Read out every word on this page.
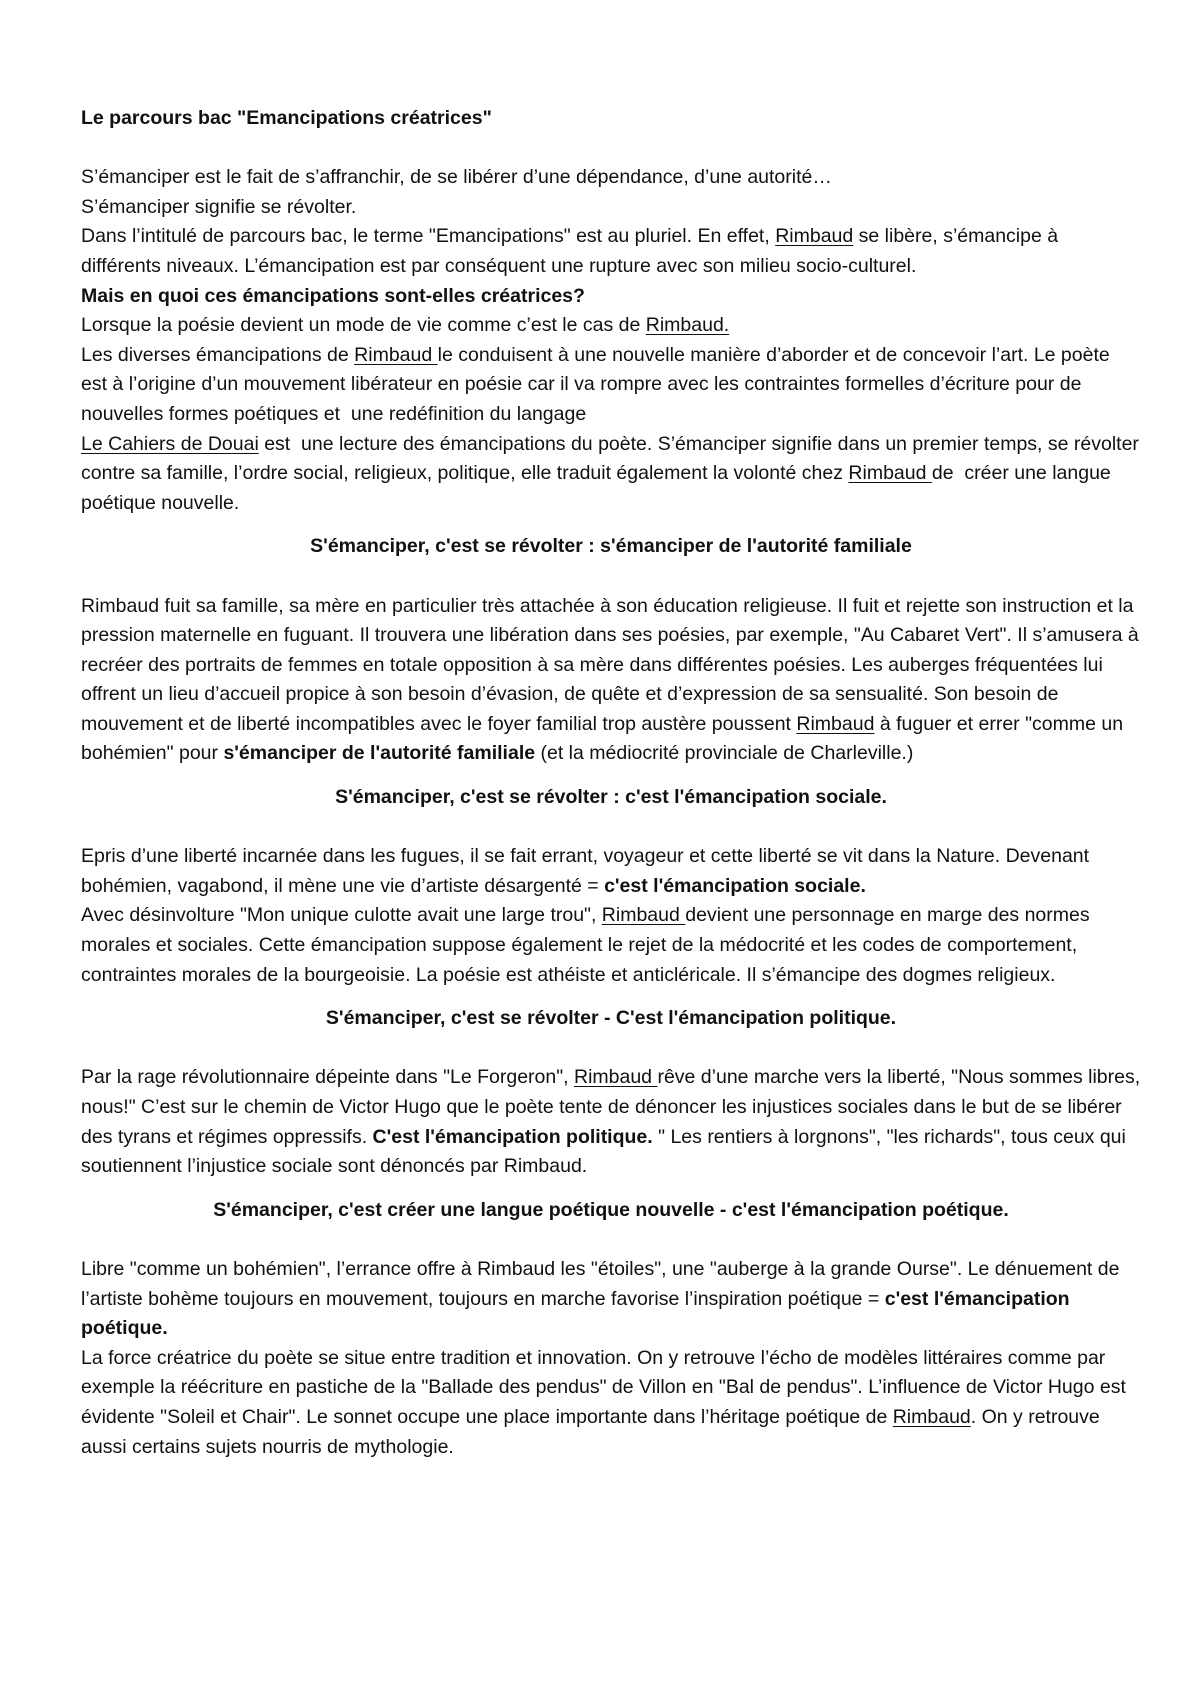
Le parcours bac "Emancipations créatrices"

S’émanciper est le fait de s’affranchir, de se libérer d’une dépendance, d’une autorité…

S’émanciper signifie se révolter.

Dans l’intitulé de parcours bac, le terme "Emancipations" est au pluriel. En effet, Rimbaud se libère, s’émancipe à différents niveaux. L’émancipation est par conséquent une rupture avec son milieu socio-culturel.

Mais en quoi ces émancipations sont-elles créatrices?

Lorsque la poésie devient un mode de vie comme c’est le cas de Rimbaud.

Les diverses émancipations de Rimbaud le conduisent à une nouvelle manière d’aborder et de concevoir l’art. Le poète est à l’origine d’un mouvement libérateur en poésie car il va rompre avec les contraintes formelles d’écriture pour de nouvelles formes poétiques et  une redéfinition du langage

Le Cahiers de Douai est  une lecture des émancipations du poète. S’émanciper signifie dans un premier temps, se révolter contre sa famille, l’ordre social, religieux, politique, elle traduit également la volonté chez Rimbaud de  créer une langue poétique nouvelle.

S'émanciper, c'est se révolter : s'émanciper de l'autorité familiale

Rimbaud fuit sa famille, sa mère en particulier très attachée à son éducation religieuse. Il fuit et rejette son instruction et la pression maternelle en fuguant. Il trouvera une libération dans ses poésies, par exemple, "Au Cabaret Vert". Il s’amusera à recréer des portraits de femmes en totale opposition à sa mère dans différentes poésies. Les auberges fréquentées lui offrent un lieu d’accueil propice à son besoin d’évasion, de quête et d’expression de sa sensualité. Son besoin de mouvement et de liberté incompatibles avec le foyer familial trop austère poussent Rimbaud à fuguer et errer "comme un bohémien" pour s'émanciper de l'autorité familiale (et la médiocrité provinciale de Charleville.)

S'émanciper, c'est se révolter : c'est l'émancipation sociale.

Epris d’une liberté incarnée dans les fugues, il se fait errant, voyageur et cette liberté se vit dans la Nature. Devenant bohémien, vagabond, il mène une vie d’artiste désargenté = c'est l'émancipation sociale.

Avec désinvolture "Mon unique culotte avait une large trou", Rimbaud devient une personnage en marge des normes morales et sociales. Cette émancipation suppose également le rejet de la médocrité et les codes de comportement, contraintes morales de la bourgeoisie. La poésie est athéiste et anticléricale. Il s’émancipe des dogmes religieux.

S'émanciper, c'est se révolter - C'est l'émancipation politique.

Par la rage révolutionnaire dépeinte dans "Le Forgeron", Rimbaud rêve d’une marche vers la liberté, "Nous sommes libres, nous!" C’est sur le chemin de Victor Hugo que le poète tente de dénoncer les injustices sociales dans le but de se libérer des tyrans et régimes oppressifs. C'est l'émancipation politique. " Les rentiers à lorgnons", "les richards", tous ceux qui soutiennent l’injustice sociale sont dénoncés par Rimbaud.

S'émanciper, c'est créer une langue poétique nouvelle - c'est l'émancipation poétique.

Libre "comme un bohémien", l’errance offre à Rimbaud les "étoiles", une "auberge à la grande Ourse". Le dénuement de l’artiste bohème toujours en mouvement, toujours en marche favorise l’inspiration poétique = c'est l'émancipation poétique.

La force créatrice du poète se situe entre tradition et innovation. On y retrouve l’écho de modèles littéraires comme par exemple la réécriture en pastiche de la "Ballade des pendus" de Villon en "Bal de pendus". L’influence de Victor Hugo est évidente "Soleil et Chair". Le sonnet occupe une place importante dans l’héritage poétique de Rimbaud. On y retrouve aussi certains sujets nourris de mythologie.
